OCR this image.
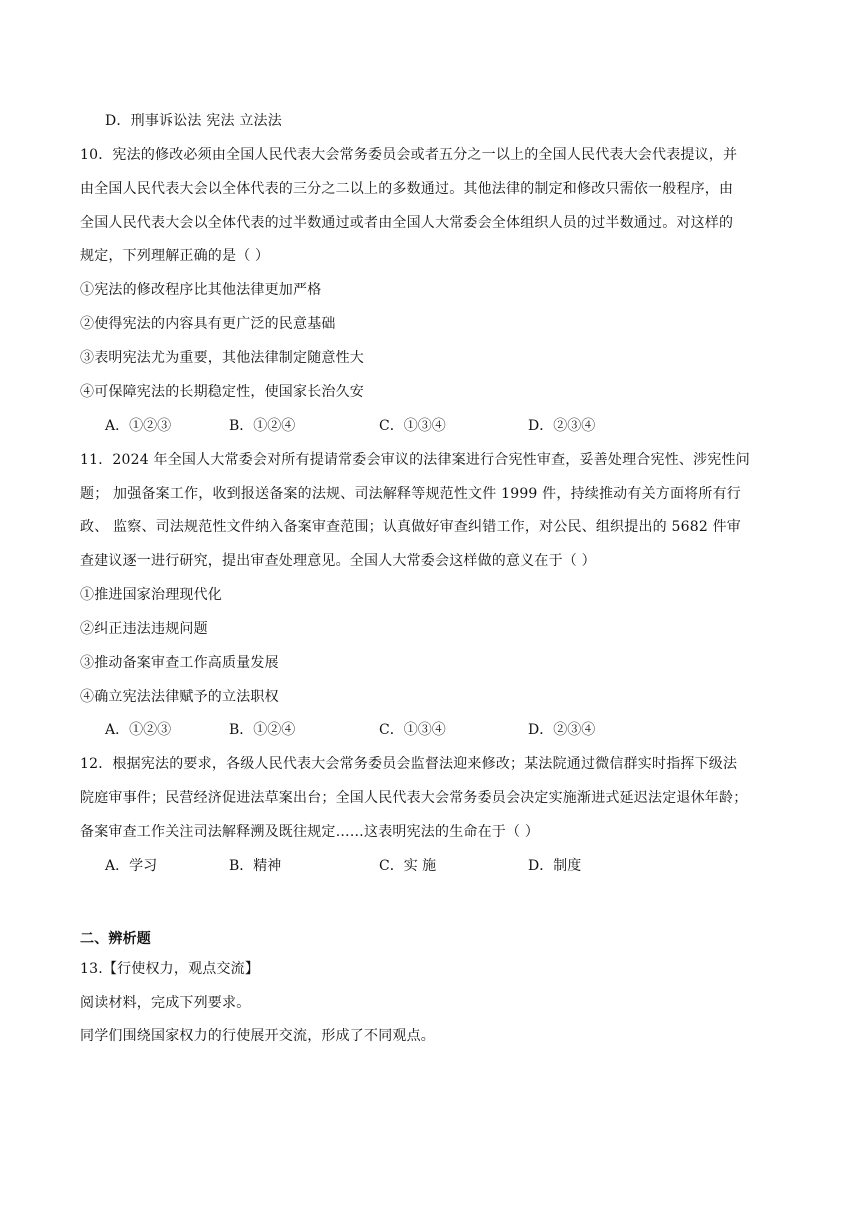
D．刑事诉讼法 宪法 立法法
10．宪法的修改必须由全国人民代表大会常务委员会或者五分之一以上的全国人民代表大会代表提议，并
由全国人民代表大会以全体代表的三分之二以上的多数通过。其他法律的制定和修改只需依一般程序，由
全国人民代表大会以全体代表的过半数通过或者由全国人大常委会全体组织人员的过半数通过。对这样的
规定，下列理解正确的是（ ）
①宪法的修改程序比其他法律更加严格
②使得宪法的内容具有更广泛的民意基础
③表明宪法尤为重要，其他法律制定随意性大
④可保障宪法的长期稳定性，使国家长治久安
A．①②③	B．①②④	C．①③④	D．②③④
11．2024 年全国人大常委会对所有提请常委会审议的法律案进行合宪性审查，妥善处理合宪性、涉宪性问
题； 加强备案工作，收到报送备案的法规、司法解释等规范性文件 1999 件，持续推动有关方面将所有行
政、 监察、司法规范性文件纳入备案审查范围；认真做好审查纠错工作，对公民、组织提出的 5682 件审
查建议逐一进行研究，提出审查处理意见。全国人大常委会这样做的意义在于（ ）
①推进国家治理现代化
②纠正违法违规问题
③推动备案审查工作高质量发展
④确立宪法法律赋予的立法职权
A．①②③	B．①②④	C．①③④	D．②③④
12．根据宪法的要求，各级人民代表大会常务委员会监督法迎来修改；某法院通过微信群实时指挥下级法
院庭审事件；民营经济促进法草案出台；全国人民代表大会常务委员会决定实施渐进式延迟法定退休年龄；
备案审查工作关注司法解释溯及既往规定……这表明宪法的生命在于（ ）
A．学习	B．精神	C．实 施	D．制度
二、辨析题
13.【行使权力，观点交流】
阅读材料，完成下列要求。
同学们围绕国家权力的行使展开交流，形成了不同观点。
